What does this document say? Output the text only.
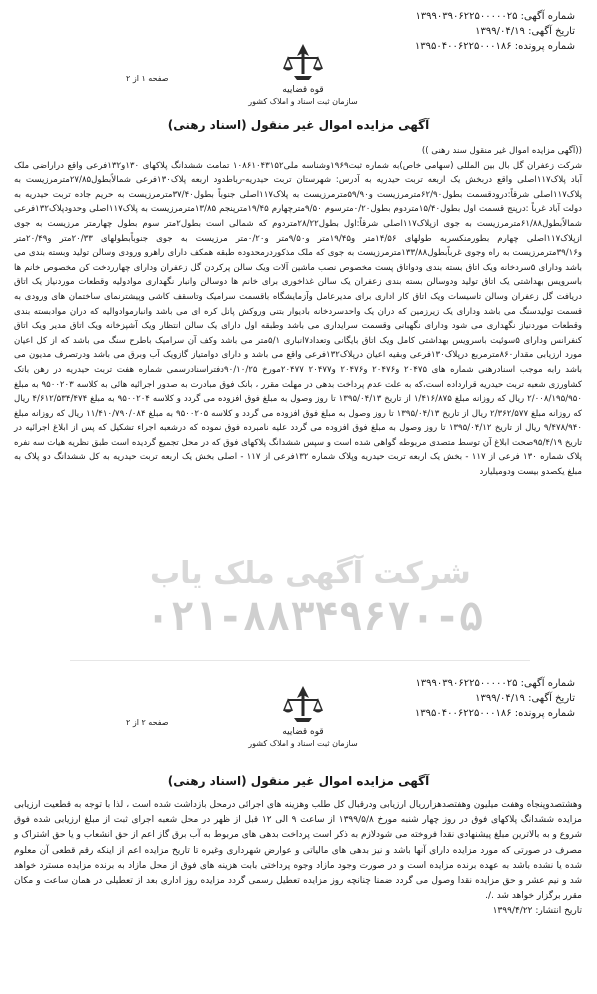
شماره آگهی: ۱۳۹۹۰۳۹۰۶۲۲۵۰۰۰۰۰۲۵
تاریخ آگهی: ۱۳۹۹/۰۴/۱۹
شماره پرونده: ۱۳۹۵۰۴۰۰۶۲۲۵۰۰۰۱۸۶
قوه قضاییه
سازمان ثبت اسناد و املاک کشور
صفحه ۱ از ۲
آگهی مزایده اموال غیر منقول (اسناد رهنی)

((آگهی مزایده اموال غیر منقول سند رهنی ))

شرکت زعفران گل بال بین المللی (سهامی خاص)به شماره ثبت۱۹۶۹وشناسه ملی۱۰۸۶۱۰۴۳۱۵۲ تمامت ششدانگ پلاکهای ۱۳۰و۱۳۲فرعی واقع دراراضی ملک آباد پلاک۱۱۷اصلی واقع دربخش یک اربعه تربت حیدریه به آدرس: شهرستان تربت حیدریه-رباطدود اربعه پلاک۱۳۰فرعی شمالاًبطول۲۷/۸۵مترمرزیست به پلاک۱۱۷اصلی شرقاً:درودقسمت بطول۶۲/۹۰مترمرزیست و۵۹/۹۰مترمرزیست به پلاک۱۱۷اصلی جنوباً بطول۳۷/۴۰مترمرزیست به حریم جاده تربت حیدریه به دولت آباد غرباً :درپنج قسمت اول بطول۱۵/۴۰متردوم بطول۰/۲۰مترسوم ۹/۵۰مترچهارم ۱۹/۴۵مترپنجم ۱۳/۸۵مترمرزیست به پلاک۱۱۷اصلی وحدودپلاک۱۳۲فرعی شمالاًبطول۶۱/۸۸مترمرزیست به جوی ازپلاک۱۱۷اصلی شرقاً:اول بطول۲۸/۲۲متردوم که شمالی است بطول۲متر سوم بطول چهارمتر مرزیست به جوی ازپلاک۱۱۷اصلی چهارم بطورمنکسربه طولهای ۱۴/۵۶متر و۱۹/۴۵متر و۹/۵۰متر و۰/۲۰متر مرزیست به جوی جنوباًبطولهای ۲۰/۳۳متر و۲۰/۴۹متر و۳۹/۱۶مترمرزیست به راه وجوی غرباًبطول۱۳۳/۸۸مترمرزیست به جوی که ملک مذکوردرمحدوده طبقه همکف دارای راهرو ورودی وسالن تولید وبسته بندی می باشد ودارای ۵سردخانه ویک اتاق بسته بندی ودواتاق پست مخصوص نصب ماشین آلات ویک سالن پرکردن گل زعفران ودارای چهارردخت کن مخصوص خانم ها باسرویس بهداشتی یک اتاق تولید ودوسالن بسته بندی زعفران یک سالن غذاخوری برای خانم ها دوسالن وانبار نگهداری موادولیه وقطعات موردنیاز یک اتاق دریافت گل زعفران وسالن تاسیسات ویک اتاق کار اداری برای مدیرعامل وآزمایشگاه باقسمت سرامیک وتاسقف کاشی وپیشترنمای ساختمان های ورودی به قسمت تولیدسنگ می باشد ودارای یک زیرزمین که دران یک واحدسردخانه بادیوار بتنی وروکش پانل کره ای می باشد وانبارموادوالیه که دران موادبسته بندی وقطعات موردنیاز نگهداری می شود ودارای نگهبانی وقسمت سرایداری می باشد وطبقه اول دارای یک سالن انتظار ویک آشپزخانه ویک اتاق مدیر ویک اتاق کنفرانس ودارای ۵سوئیت باسرویس بهداشتی کامل ویک اتاق بایگانی وتعداد۷انباری ۵/۱متر می باشد وکف آن سرامیک باطرح سنگ می باشد که از کل اعیان مورد ارزیابی مقدار۸۶۰مترمربع درپلاک۱۳۰فرعی وبقیه اعیان درپلاک۱۳۲فرعی واقع می باشد و دارای دوامتیاز گازویک آب وبرق می باشد ودرتصرف مدیون می باشد رابه موجب اسنادرهنی شماره های ۲۰۴۷۵ و۲۰۴۷۶ و۲۰۴۷۶ و۲۰۴۷۷ ۲۰۴۷۷مورخ ۹۰/۱۰/۲۵دفتراسنادرسمی شماره هفت تربت حیدریه در رهن بانک کشاورزی شعبه تربت حیدریه قرارداده است،که به علت عدم پرداخت بدهی در مهلت مقرر ، بانک فوق مبادرت به صدور اجرائیه هائی به کلاسه ۹۵۰۰۲۰۳ به مبلغ ۲/۰۰۸/۱۹۵/۹۵۰ ریال که روزانه مبلغ ۱/۴۱۶/۸۷۵ از تاریخ ۱۳۹۵/۰۴/۱۳ تا روز وصول به مبلغ فوق افزوده می گردد و کلاسه ۹۵۰۰۲۰۴ به مبلغ ۴/۶۱۲/۵۳۴/۴۷۴ ریال که روزانه مبلغ ۲/۳۶۲/۵۷۷ ریال از تاریخ ۱۳۹۵/۰۴/۱۳ تا روز وصول به مبلغ فوق افزوده می گردد و کلاسه ۹۵۰۰۲۰۵ به مبلغ ۱۱/۴۱۰/۷۹۰/۰۸۴ ریال که روزانه مبلغ ۹/۴۷۸/۹۴۰ ریال از تاریخ ۱۳۹۵/۰۴/۱۲ تا روز وصول به مبلغ فوق افزوده می گردد علیه نامبرده فوق نموده که درشعبه اجراء تشکیل که پس از ابلاغ اجرائیه در تاریخ ۹۵/۴/۱۹صحت ابلاغ آن توسط متصدی مربوطه گواهی شده است و سپس ششدانگ پلاکهای فوق که در محل تجمیع گردیده است طبق نظریه هیات سه نفره پلاک شماره ۱۳۰ فرعی از ۱۱۷ - بخش یک اربعه تربت حیدریه وپلاک شماره ۱۳۲فرعی از ۱۱۷ - اصلی بخش یک اربعه تربت حیدریه به کل ششدانگ دو پلاک به مبلغ یکصدو بیست ودومیلیارد

شرکت آگهی ملک یاب
۰۲۱-۸۸۳۴۹۶۷۰-۵
شماره آگهی: ۱۳۹۹۰۳۹۰۶۲۲۵۰۰۰۰۰۲۵
تاریخ آگهی: ۱۳۹۹/۰۴/۱۹
شماره پرونده: ۱۳۹۵۰۴۰۰۶۲۲۵۰۰۰۱۸۶
قوه قضاییه
سازمان ثبت اسناد و املاک کشور
صفحه ۲ از ۲
آگهی مزایده اموال غیر منقول (اسناد رهنی)

وهشتصدوپنجاه وهفت میلیون وهفتصدهزارریال ارزیابی ودرقبال کل طلب وهزینه های اجرائی درمحل بازداشت شده است ، لذا با توجه به قطعیت ارزیابی مزایده ششدانگ پلاکهای فوق در روز چهار شنبه مورخ ۱۳۹۹/۵/۸ از ساعت ۹ الی ۱۲ قبل از ظهر در محل شعبه اجرای ثبت از مبلغ ارزیابی شده فوق شروع و به بالاترین مبلغ پیشنهادی نقدا فروخته می شودلازم به ذکر است پرداخت بدهی های مربوط به آب برق گاز اعم از حق انشعاب و یا حق اشتراک و مصرف در صورتی که مورد مزایده دارای آنها باشد و نیز بدهی های مالیاتی و عوارض شهرداری وغیره تا تاریخ مزایده اعم از اینکه رقم قطعی آن معلوم شده یا نشده باشد به عهده برنده مزایده است و در صورت وجود مازاد وجوه پرداختی بابت هزینه های فوق از محل مازاد به برنده مزایده مسترد خواهد شد و نیم عشر و حق مزایده نقدا وصول می گردد ضمنا چنانچه روز مزایده تعطیل رسمی گردد مزایده روز اداری بعد از تعطیلی در همان ساعت و مکان مقرر برگزار خواهد شد ./.

تاریخ انتشار: ۱۳۹۹/۴/۲۲
